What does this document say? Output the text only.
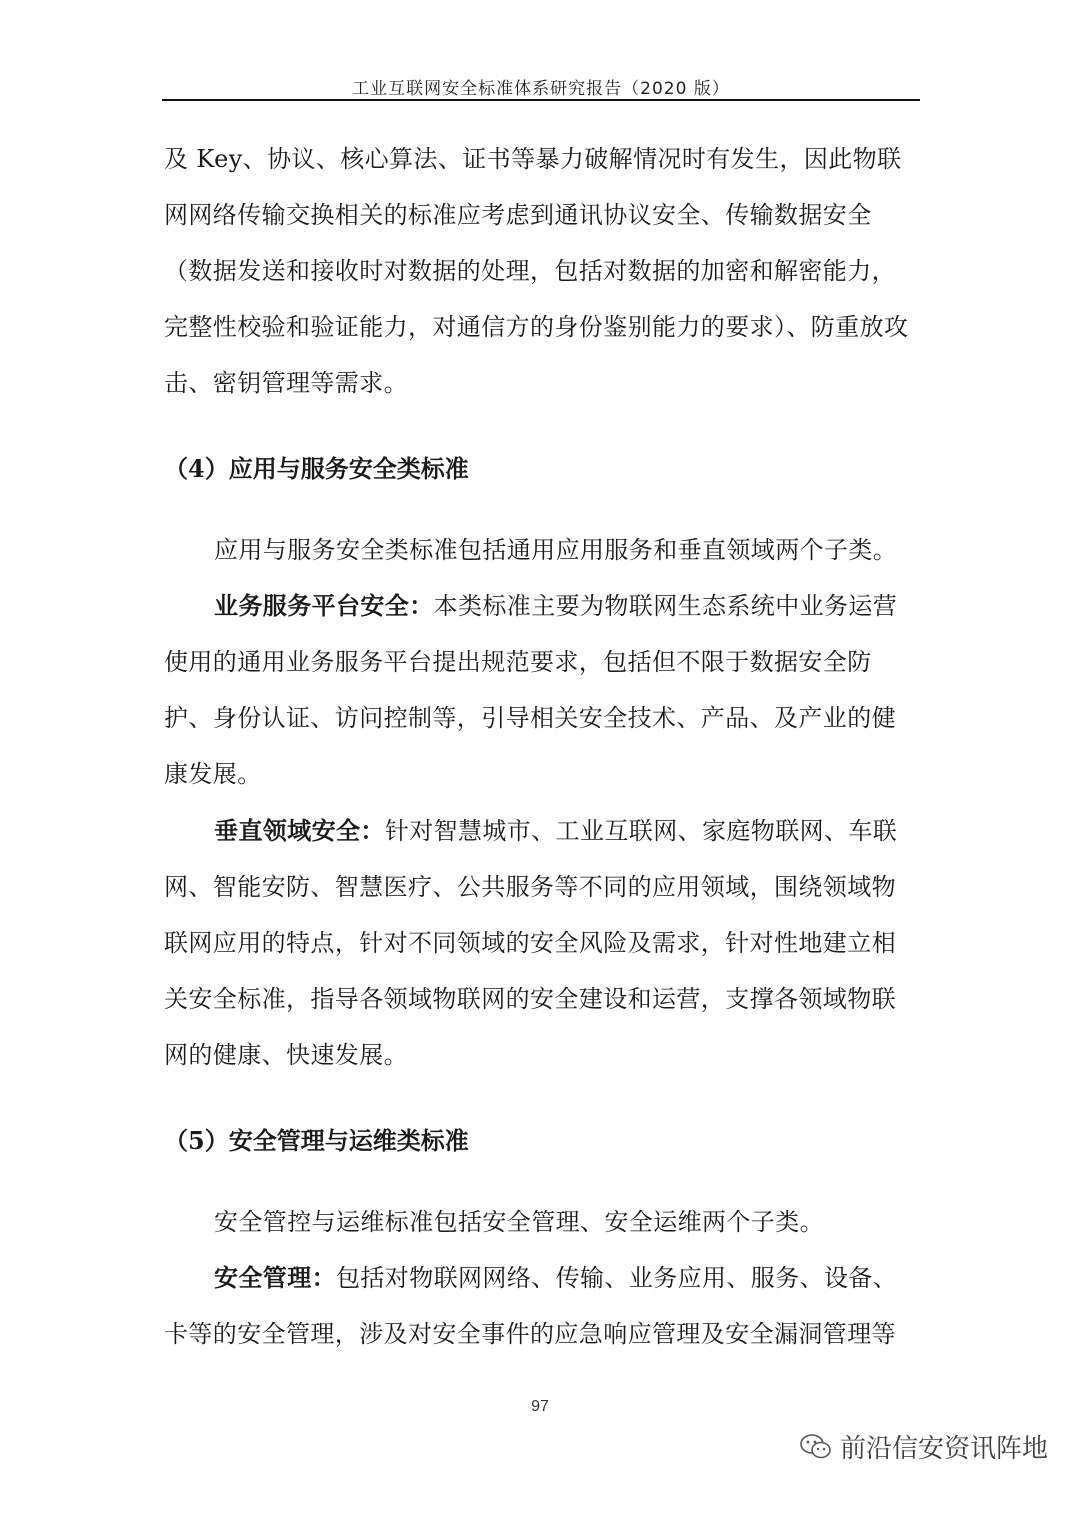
工业互联网安全标准体系研究报告（2020 版）

及 Key、协议、核心算法、证书等暴力破解情况时有发生，因此物联网网络传输交换相关的标准应考虑到通讯协议安全、传输数据安全（数据发送和接收时对数据的处理，包括对数据的加密和解密能力，完整性校验和验证能力，对通信方的身份鉴别能力的要求）、防重放攻击、密钥管理等需求。

（4）应用与服务安全类标准

应用与服务安全类标准包括通用应用服务和垂直领域两个子类。

业务服务平台安全：本类标准主要为物联网生态系统中业务运营使用的通用业务服务平台提出规范要求，包括但不限于数据安全防护、身份认证、访问控制等，引导相关安全技术、产品、及产业的健康发展。

垂直领域安全：针对智慧城市、工业互联网、家庭物联网、车联网、智能安防、智慧医疗、公共服务等不同的应用领域，围绕领域物联网应用的特点，针对不同领域的安全风险及需求，针对性地建立相关安全标准，指导各领域物联网的安全建设和运营，支撑各领域物联网的健康、快速发展。

（5）安全管理与运维类标准

安全管控与运维标准包括安全管理、安全运维两个子类。

安全管理：包括对物联网网络、传输、业务应用、服务、设备、卡等的安全管理，涉及对安全事件的应急响应管理及安全漏洞管理等

97
前沿信安资讯阵地
